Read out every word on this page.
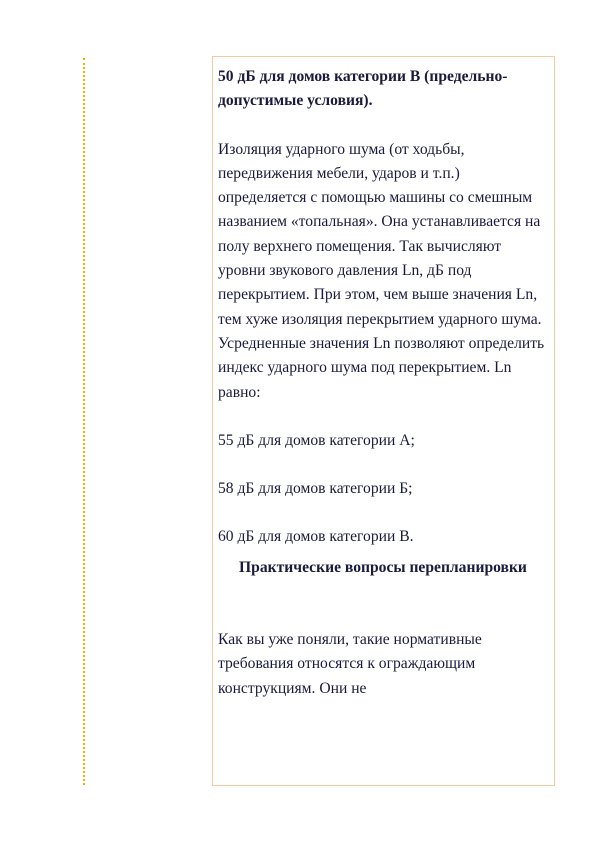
50 дБ для домов категории В (предельно-допустимые условия).

Изоляция ударного шума (от ходьбы, передвижения мебели, ударов и т.п.) определяется с помощью машины со смешным названием «топальная». Она устанавливается на полу верхнего помещения. Так вычисляют уровни звукового давления Ln, дБ под перекрытием. При этом, чем выше значения Ln, тем хуже изоляция перекрытием ударного шума. Усредненные значения Ln позволяют определить индекс ударного шума под перекрытием. Ln равно:

55 дБ для домов категории А;

58 дБ для домов категории Б;

60 дБ для домов категории В.

Практические вопросы перепланировки

Как вы уже поняли, такие нормативные требования относятся к ограждающим конструкциям. Они не
